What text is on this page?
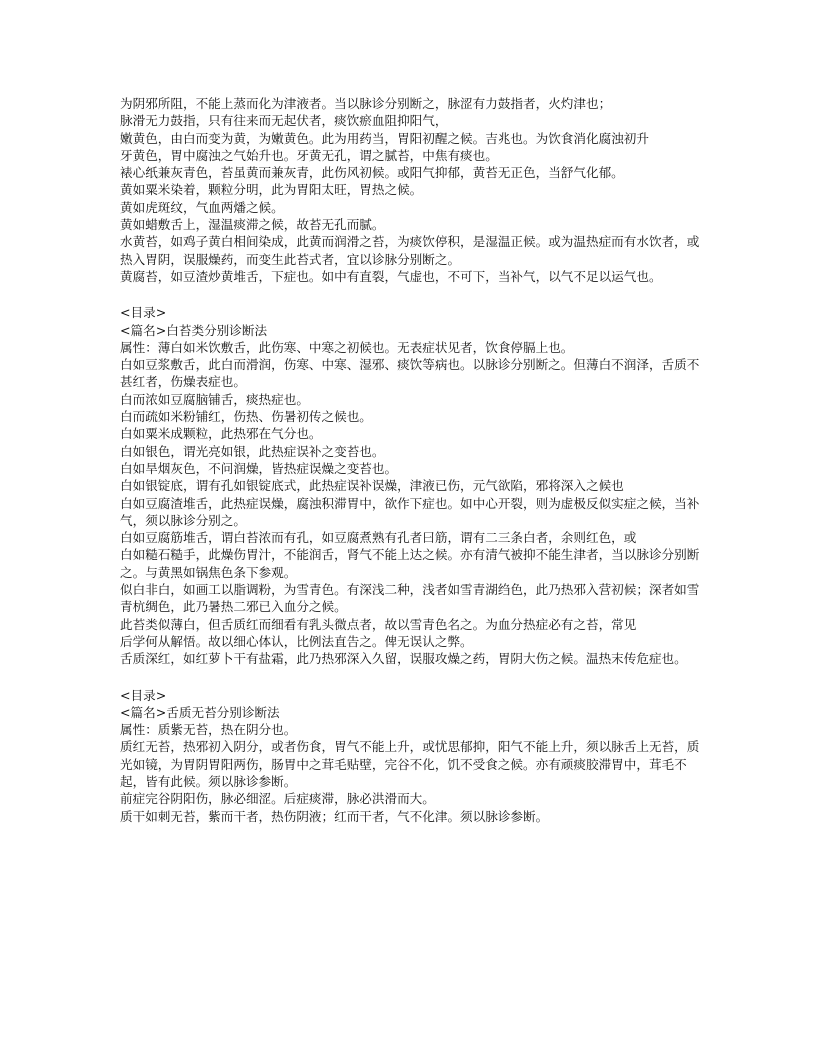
为阴邪所阻，不能上蒸而化为津液者。当以脉诊分别断之，脉涩有力鼓指者，火灼津也；
脉滑无力鼓指，只有往来而无起伏者，痰饮瘀血阻抑阳气，
嫩黄色，由白而变为黄，为嫩黄色。此为用药当，胃阳初醒之候。吉兆也。为饮食消化腐浊初升
牙黄色，胃中腐浊之气始升也。牙黄无孔，谓之腻苔，中焦有痰也。
裱心纸兼灰青色，苔虽黄而兼灰青，此伤风初候。或阳气抑郁，黄苔无正色，当舒气化郁。
黄如粟米染着，颗粒分明，此为胃阳太旺，胃热之候。
黄如虎斑纹，气血两燔之候。
黄如蜡敷舌上，湿温痰滞之候，故苔无孔而腻。
水黄苔，如鸡子黄白相间染成，此黄而润滑之苔，为痰饮停积，是湿温正候。或为温热症而有水饮者，或热入胃阴，误服燥药，而变生此苔式者，宜以诊脉分别断之。
黄腐苔，如豆渣炒黄堆舌，下症也。如中有直裂，气虚也，不可下，当补气，以气不足以运气也。
<目录>
<篇名>白苔类分别诊断法
属性：薄白如米饮敷舌，此伤寒、中寒之初候也。无表症状见者，饮食停膈上也。
白如豆浆敷舌，此白而滑润，伤寒、中寒、湿邪、痰饮等病也。以脉诊分别断之。但薄白不润泽，舌质不甚红者，伤燥表症也。
白而浓如豆腐脑铺舌，痰热症也。
白而疏如米粉铺红，伤热、伤暑初传之候也。
白如粟米成颗粒，此热邪在气分也。
白如银色，谓光亮如银，此热症误补之变苔也。
白如旱烟灰色，不问润燥，皆热症误燥之变苔也。
白如银锭底，谓有孔如银锭底式，此热症误补误燥，津液已伤，元气欲陷，邪将深入之候也
白如豆腐渣堆舌，此热症误燥，腐浊积滞胃中，欲作下症也。如中心开裂，则为虚极反似实症之候，当补气，须以脉诊分别之。
白如豆腐筋堆舌，谓白苔浓而有孔，如豆腐煮熟有孔者曰筋，谓有二三条白者，余则红色，或
白如糙石糙手，此燥伤胃汁，不能润舌，肾气不能上达之候。亦有清气被抑不能生津者，当以脉诊分别断之。与黄黑如锅焦色条下参观。
似白非白，如画工以脂调粉，为雪青色。有深浅二种，浅者如雪青湖绉色，此乃热邪入营初候；深者如雪青杭绸色，此乃暑热二邪已入血分之候。
此苔类似薄白，但舌质红而细看有乳头微点者，故以雪青色名之。为血分热症必有之苔，常见
后学何从解悟。故以细心体认，比例法直告之。俾无误认之弊。
舌质深红，如红萝卜干有盐霜，此乃热邪深入久留，误服攻燥之药，胃阴大伤之候。温热末传危症也。
<目录>
<篇名>舌质无苔分别诊断法
属性：质紫无苔，热在阴分也。
质红无苔，热邪初入阴分，或者伤食，胃气不能上升，或忧思郁抑，阳气不能上升，须以脉舌上无苔，质光如镜，为胃阴胃阳两伤，肠胃中之茸毛贴壁，完谷不化，饥不受食之候。亦有顽痰胶滞胃中，茸毛不起，皆有此候。须以脉诊参断。
前症完谷阴阳伤，脉必细涩。后症痰滞，脉必洪滑而大。
质干如刺无苔，紫而干者，热伤阴液；红而干者，气不化津。须以脉诊参断。
